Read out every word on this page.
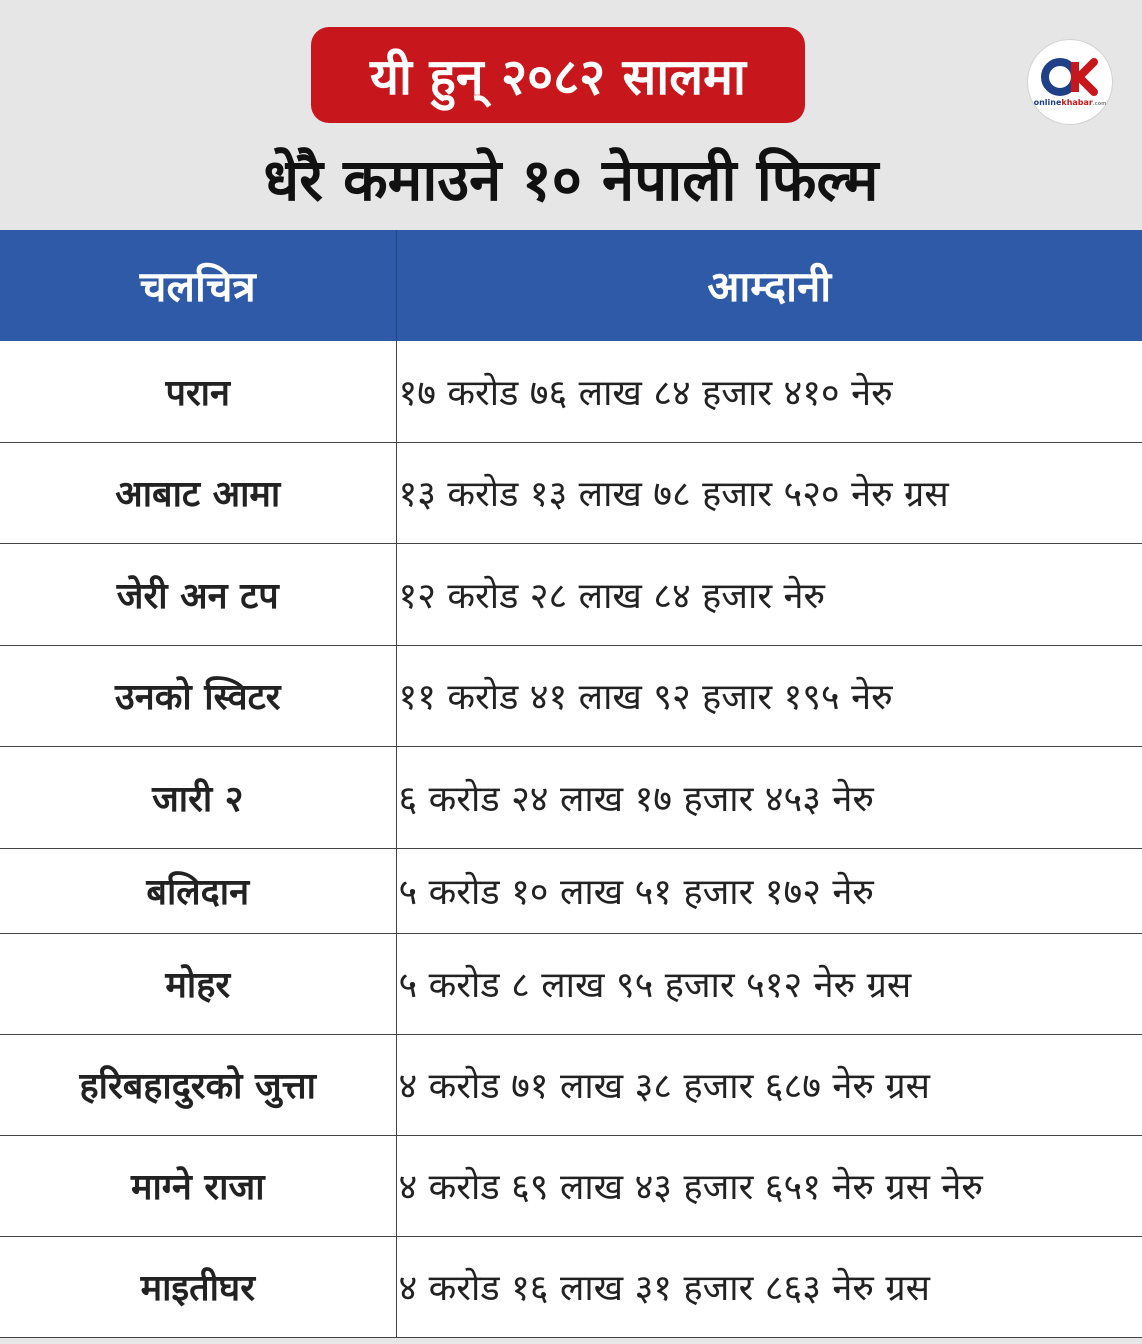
यी हुन् २०८२ सालमा
धेरै कमाउने १० नेपाली फिल्म
onlinekhabar.com
चलचित्र	आम्दानी
परान	१७ करोड ७६ लाख ८४ हजार ४१० नेरु
आबाट आमा	१३ करोड १३ लाख ७८ हजार ५२० नेरु ग्रस
जेरी अन टप	१२ करोड २८ लाख ८४ हजार नेरु
उनको स्विटर	११ करोड ४१ लाख ९२ हजार १९५ नेरु
जारी २	६ करोड २४ लाख १७ हजार ४५३ नेरु
बलिदान	५ करोड १० लाख ५१ हजार १७२ नेरु
मोहर	५ करोड ८ लाख ९५ हजार ५१२ नेरु ग्रस
हरिबहादुरको जुत्ता	४ करोड ७१ लाख ३८ हजार ६८७ नेरु ग्रस
माग्ने राजा	४ करोड ६९ लाख ४३ हजार ६५१ नेरु ग्रस नेरु
माइतीघर	४ करोड १६ लाख ३१ हजार ८६३ नेरु ग्रस
